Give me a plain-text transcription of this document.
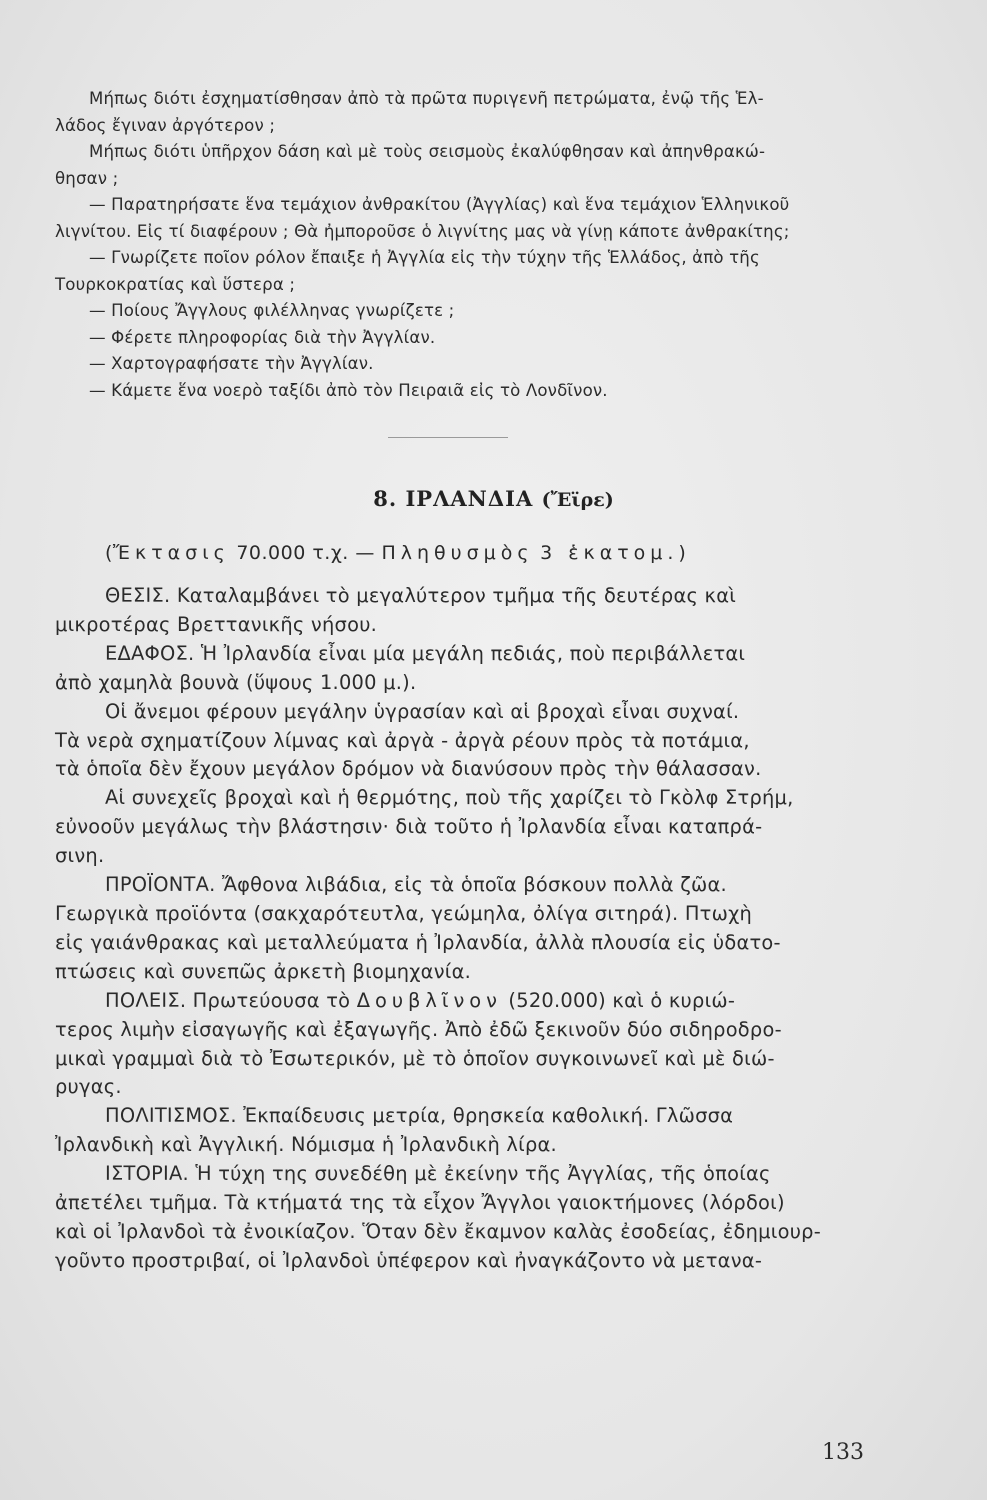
Μήπως διότι ἐσχηματίσθησαν ἀπὸ τὰ πρῶτα πυριγενῆ πετρώματα, ἐνῷ τῆς Ἑλ-

λάδος ἔγιναν ἀργότερον ;

Μήπως διότι ὑπῆρχον δάση καὶ μὲ τοὺς σεισμοὺς ἐκαλύφθησαν καὶ ἀπηνθρακώ-

θησαν ;

— Παρατηρήσατε ἕνα τεμάχιον ἀνθρακίτου (Ἀγγλίας) καὶ ἕνα τεμάχιον Ἑλληνικοῦ

λιγνίτου. Εἰς τί διαφέρουν ; Θὰ ἠμποροῦσε ὁ λιγνίτης μας νὰ γίνῃ κάποτε ἀνθρακίτης;

— Γνωρίζετε ποῖον ρόλον ἔπαιξε ἡ Ἀγγλία εἰς τὴν τύχην τῆς Ἑλλάδος, ἀπὸ τῆς

Τουρκοκρατίας καὶ ὕστερα ;

— Ποίους Ἄγγλους φιλέλληνας γνωρίζετε ;

— Φέρετε πληροφορίας διὰ τὴν Ἀγγλίαν.

— Χαρτογραφήσατε τὴν Ἀγγλίαν.

— Κάμετε ἕνα νοερὸ ταξίδι ἀπὸ τὸν Πειραιᾶ εἰς τὸ Λονδῖνον.

8. ΙΡΛΑΝΔΙΑ (Ἔϊρε)
(Ἔκτασις 70.000 τ.χ. — Πληθυσμὸς 3 ἑκατομ.)

ΘΕΣΙΣ. Καταλαμβάνει τὸ μεγαλύτερον τμῆμα τῆς δευτέρας καὶ

μικροτέρας Βρεττανικῆς νήσου.

ΕΔΑΦΟΣ. Ἡ Ἰρλανδία εἶναι μία μεγάλη πεδιάς, ποὺ περιβάλλεται

ἀπὸ χαμηλὰ βουνὰ (ὕψους 1.000 μ.).

Οἱ ἄνεμοι φέρουν μεγάλην ὑγρασίαν καὶ αἱ βροχαὶ εἶναι συχναί.

Τὰ νερὰ σχηματίζουν λίμνας καὶ ἀργὰ - ἀργὰ ρέουν πρὸς τὰ ποτάμια,

τὰ ὁποῖα δὲν ἔχουν μεγάλον δρόμον νὰ διανύσουν πρὸς τὴν θάλασσαν.

Αἱ συνεχεῖς βροχαὶ καὶ ἡ θερμότης, ποὺ τῆς χαρίζει τὸ Γκὸλφ Στρήμ,

εὐνοοῦν μεγάλως τὴν βλάστησιν· διὰ τοῦτο ἡ Ἰρλανδία εἶναι καταπρά-

σινη.

ΠΡΟΪΟΝΤΑ. Ἄφθονα λιβάδια, εἰς τὰ ὁποῖα βόσκουν πολλὰ ζῶα.

Γεωργικὰ προϊόντα (σακχαρότευτλα, γεώμηλα, ὀλίγα σιτηρά). Πτωχὴ

εἰς γαιάνθρακας καὶ μεταλλεύματα ἡ Ἰρλανδία, ἀλλὰ πλουσία εἰς ὑδατο-

πτώσεις καὶ συνεπῶς ἀρκετὴ βιομηχανία.

ΠΟΛΕΙΣ. Πρωτεύουσα τὸ Δουβλῖνον (520.000) καὶ ὁ κυριώ-

τερος λιμὴν εἰσαγωγῆς καὶ ἐξαγωγῆς. Ἀπὸ ἐδῶ ξεκινοῦν δύο σιδηροδρο-

μικαὶ γραμμαὶ διὰ τὸ Ἐσωτερικόν, μὲ τὸ ὁποῖον συγκοινωνεῖ καὶ μὲ διώ-

ρυγας.

ΠΟΛΙΤΙΣΜΟΣ. Ἐκπαίδευσις μετρία, θρησκεία καθολική. Γλῶσσα

Ἰρλανδικὴ καὶ Ἀγγλική. Νόμισμα ἡ Ἰρλανδικὴ λίρα.

ΙΣΤΟΡΙΑ. Ἡ τύχη της συνεδέθη μὲ ἐκείνην τῆς Ἀγγλίας, τῆς ὁποίας

ἀπετέλει τμῆμα. Τὰ κτήματά της τὰ εἶχον Ἄγγλοι γαιοκτήμονες (λόρδοι)

καὶ οἱ Ἰρλανδοὶ τὰ ἐνοικίαζον. Ὅταν δὲν ἔκαμνον καλὰς ἐσοδείας, ἐδημιουρ-

γοῦντο προστριβαί, οἱ Ἰρλανδοὶ ὑπέφερον καὶ ἠναγκάζοντο νὰ μετανα-

133
